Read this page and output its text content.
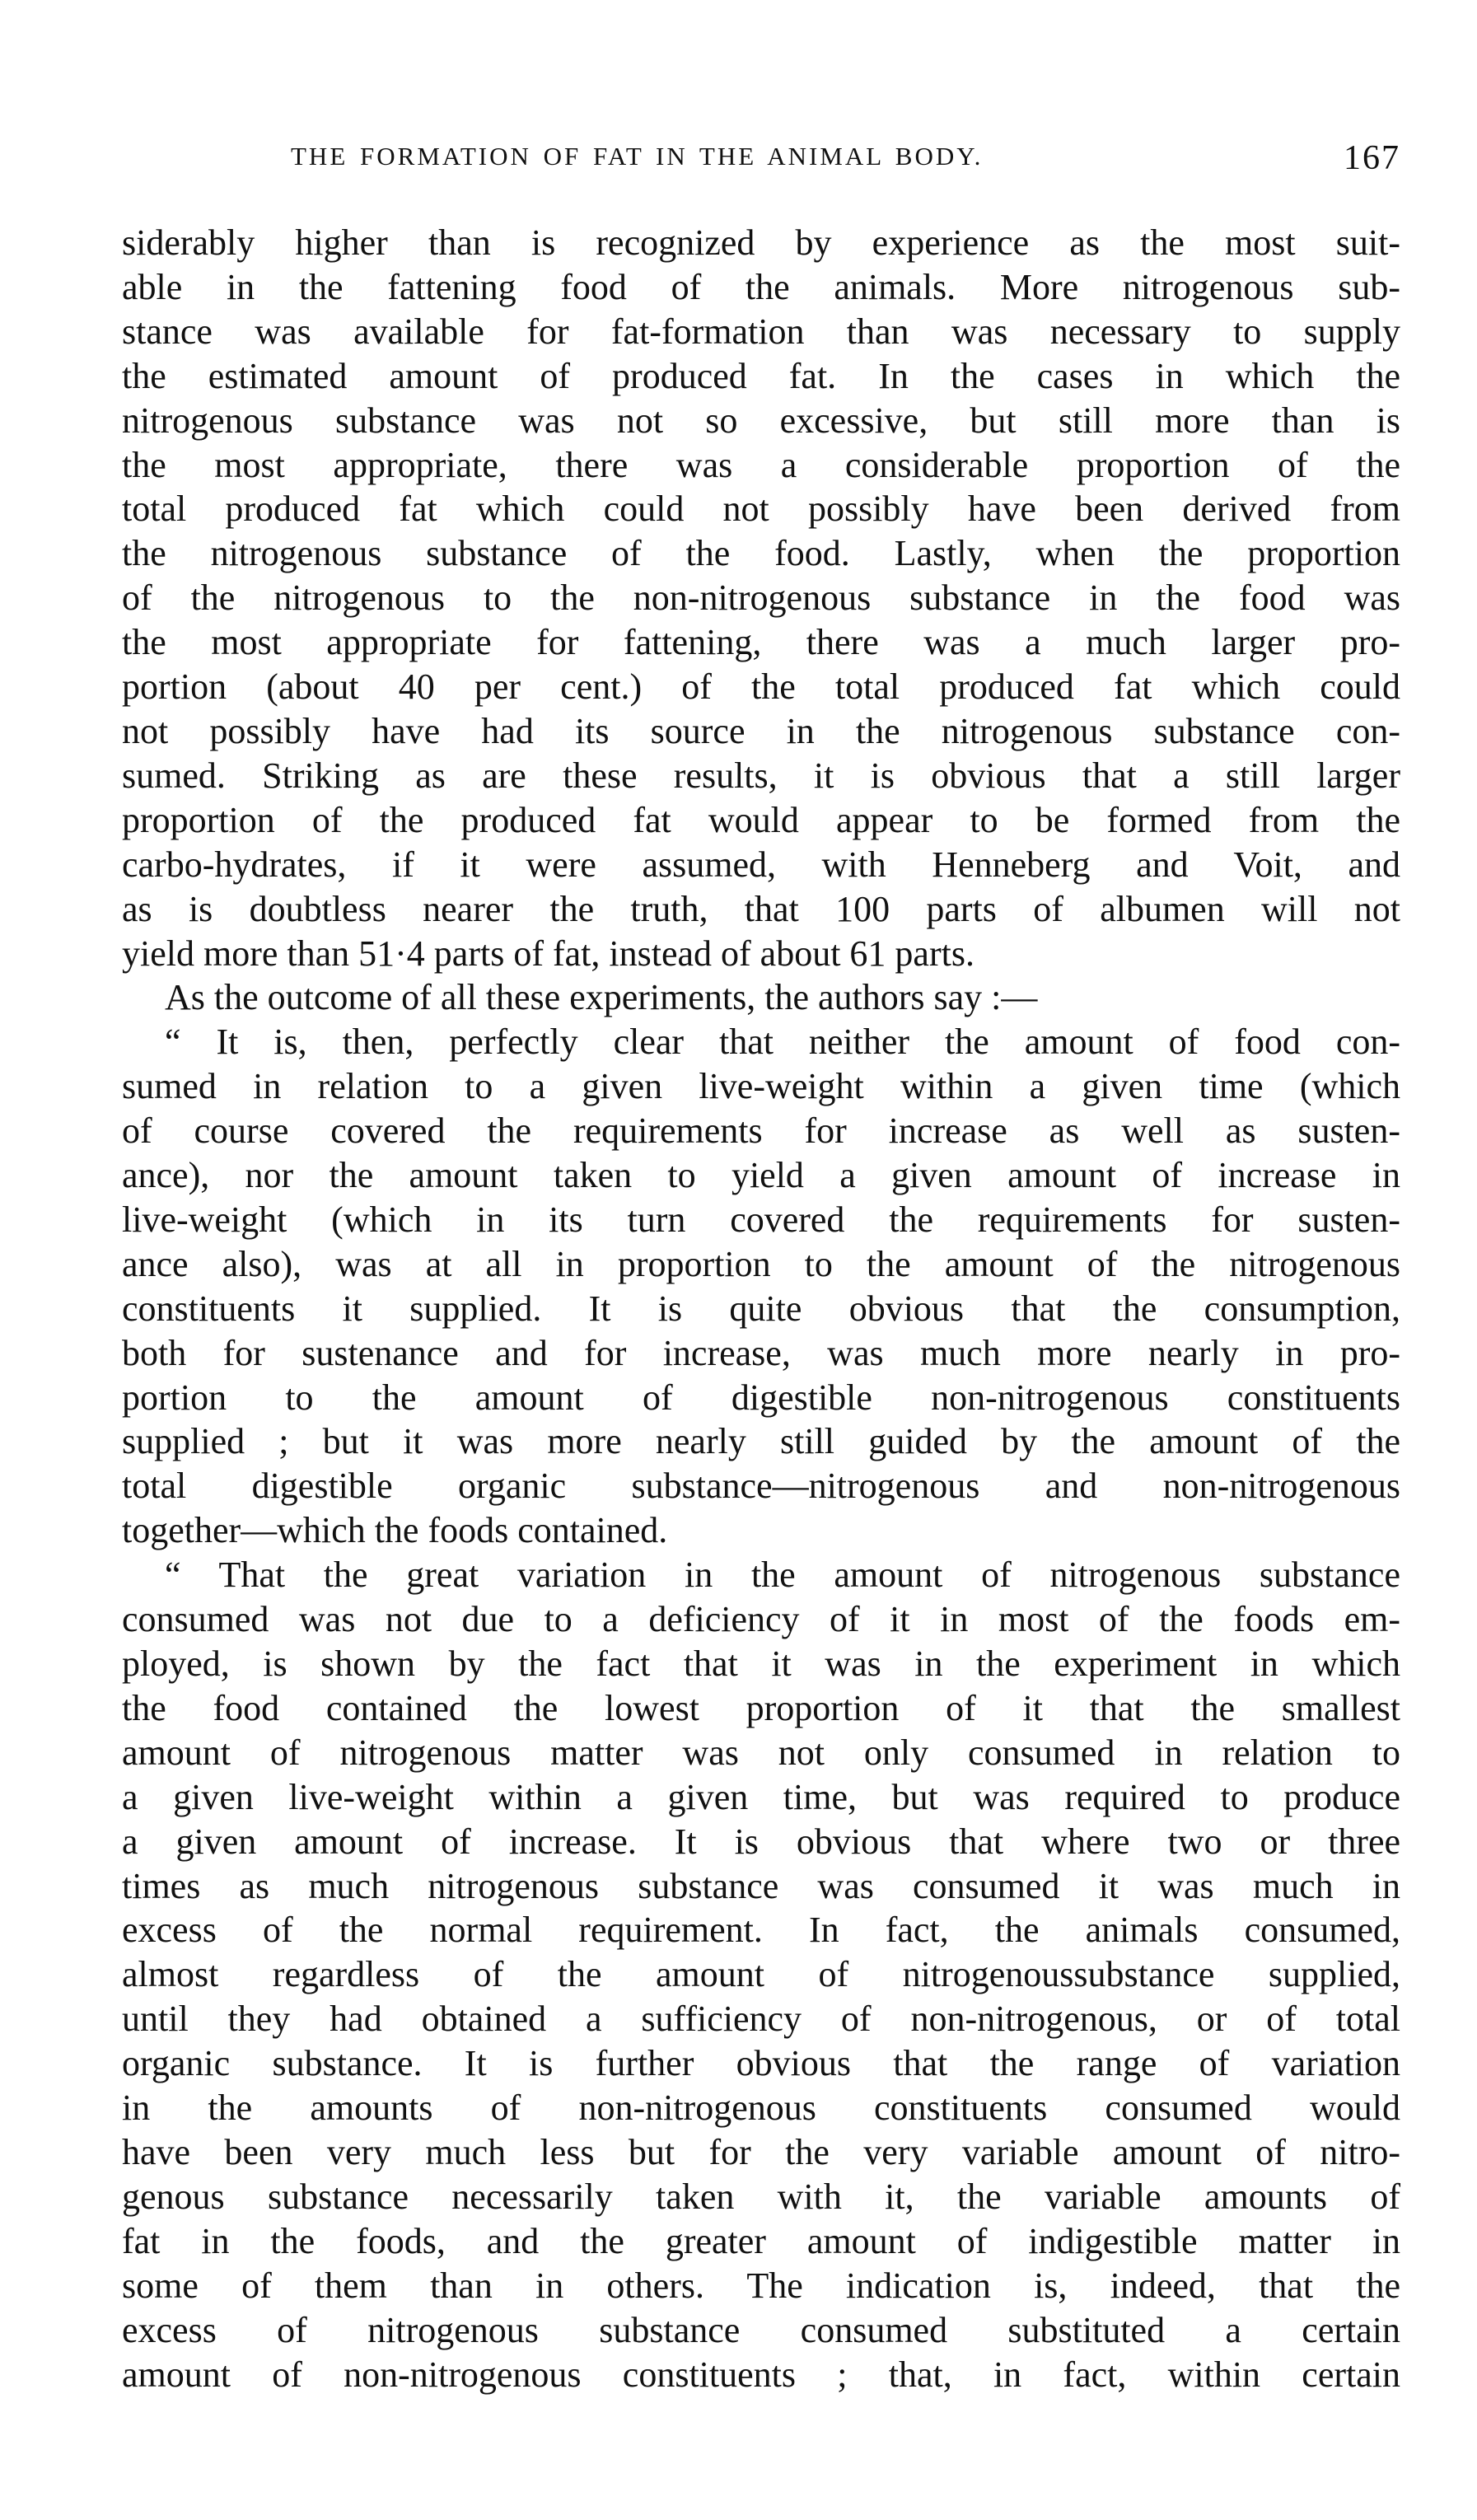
THE FORMATION OF FAT IN THE ANIMAL BODY.	167

siderably higher than is recognized by experience as the most suit-
able in the fattening food of the animals. More nitrogenous sub-
stance was available for fat-formation than was necessary to supply
the estimated amount of produced fat. In the cases in which the
nitrogenous substance was not so excessive, but still more than is
the most appropriate, there was a considerable proportion of the
total produced fat which could not possibly have been derived from
the nitrogenous substance of the food. Lastly, when the proportion
of the nitrogenous to the non-nitrogenous substance in the food was
the most appropriate for fattening, there was a much larger pro-
portion (about 40 per cent.) of the total produced fat which could
not possibly have had its source in the nitrogenous substance con-
sumed. Striking as are these results, it is obvious that a still larger
proportion of the produced fat would appear to be formed from the
carbo-hydrates, if it were assumed, with Henneberg and Voit, and
as is doubtless nearer the truth, that 100 parts of albumen will not
yield more than 51·4 parts of fat, instead of about 61 parts.

As the outcome of all these experiments, the authors say :—

“ It is, then, perfectly clear that neither the amount of food con-
sumed in relation to a given live-weight within a given time (which
of course covered the requirements for increase as well as susten-
ance), nor the amount taken to yield a given amount of increase in
live-weight (which in its turn covered the requirements for susten-
ance also), was at all in proportion to the amount of the nitrogenous
constituents it supplied. It is quite obvious that the consumption,
both for sustenance and for increase, was much more nearly in pro-
portion to the amount of digestible non-nitrogenous constituents
supplied ; but it was more nearly still guided by the amount of the
total digestible organic substance—nitrogenous and non-nitrogenous
together—which the foods contained.

“ That the great variation in the amount of nitrogenous substance
consumed was not due to a deficiency of it in most of the foods em-
ployed, is shown by the fact that it was in the experiment in which
the food contained the lowest proportion of it that the smallest
amount of nitrogenous matter was not only consumed in relation to
a given live-weight within a given time, but was required to produce
a given amount of increase. It is obvious that where two or three
times as much nitrogenous substance was consumed it was much in
excess of the normal requirement. In fact, the animals consumed,
almost regardless of the amount of nitrogenoussubstance supplied,
until they had obtained a sufficiency of non-nitrogenous, or of total
organic substance. It is further obvious that the range of variation
in the amounts of non-nitrogenous constituents consumed would
have been very much less but for the very variable amount of nitro-
genous substance necessarily taken with it, the variable amounts of
fat in the foods, and the greater amount of indigestible matter in
some of them than in others. The indication is, indeed, that the
excess of nitrogenous substance consumed substituted a certain
amount of non-nitrogenous constituents ; that, in fact, within certain
